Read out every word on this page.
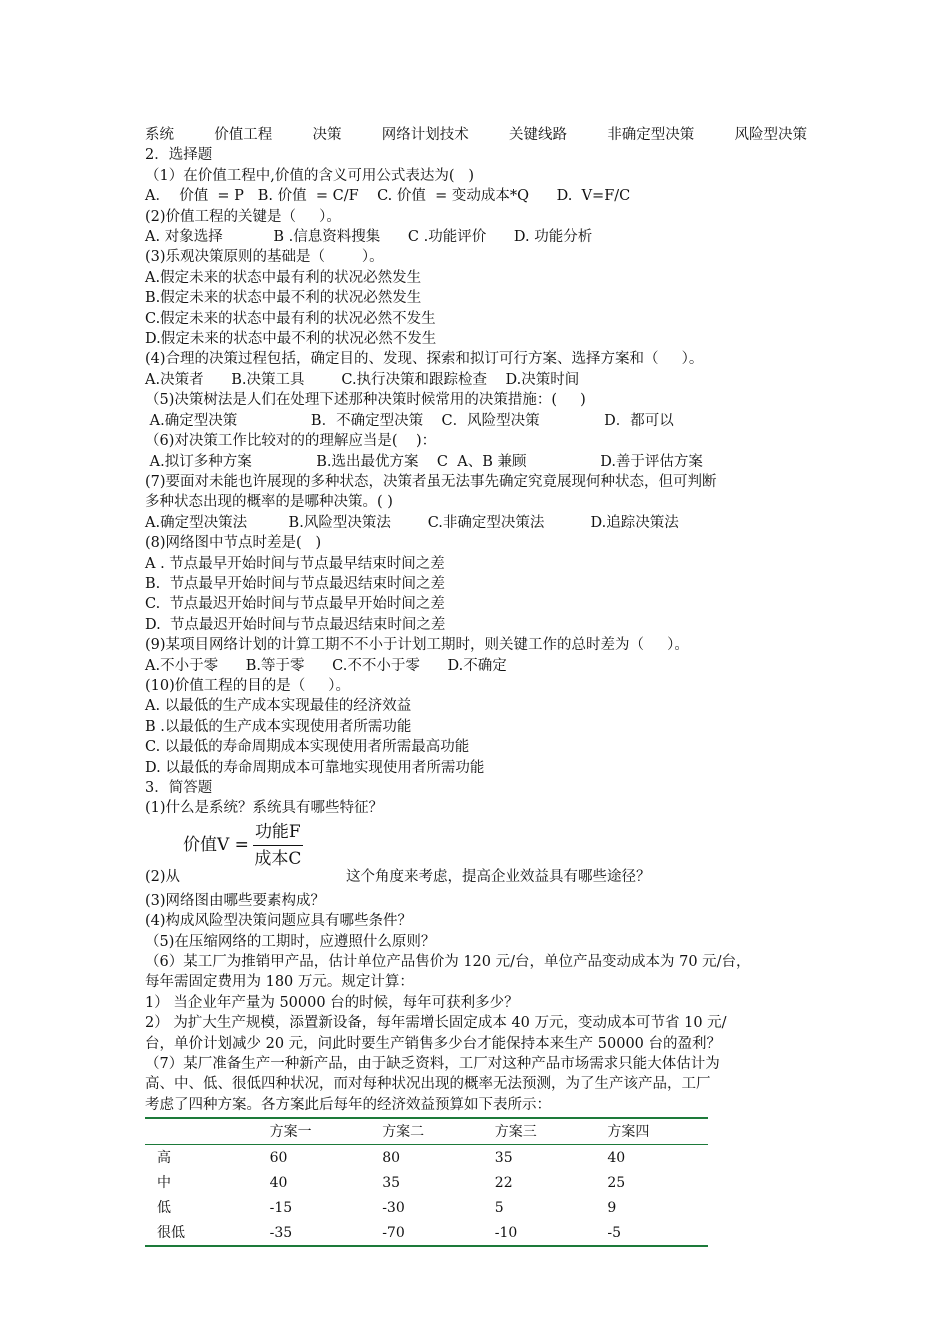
系统	价值工程	决策	网络计划技术	关键线路	非确定型决策	风险型决策
2．选择题
（1）在价值工程中,价值的含义可用公式表达为(   )
A．  价值  = P   B. 价值  = C/F    C. 价值  = 变动成本*Q      D.  V=F/C
(2)价值工程的关键是（     ）。
A. 对象选择           B .信息资料搜集      C .功能评价      D. 功能分析
(3)乐观决策原则的基础是（        ）。
A.假定未来的状态中最有利的状况必然发生
B.假定未来的状态中最不利的状况必然发生
C.假定未来的状态中最有利的状况必然不发生
D.假定未来的状态中最不利的状况必然不发生
(4)合理的决策过程包括，确定目的、发现、探索和拟订可行方案、选择方案和（     ）。
A.决策者      B.决策工具        C.执行决策和跟踪检查    D.决策时间
（5)决策树法是人们在处理下述那种决策时候常用的决策措施：(     )
A.确定型决策                B．不确定型决策    C．风险型决策              D．都可以
（6)对决策工作比较对的的理解应当是(    )：
A.拟订多种方案              B.选出最优方案    C  A、B 兼顾                D.善于评估方案
(7)要面对未能也许展现的多种状态，决策者虽无法事先确定究竟展现何种状态，但可判断
多种状态出现的概率的是哪种决策。( )
A.确定型决策法         B.风险型决策法        C.非确定型决策法          D.追踪决策法
(8)网络图中节点时差是(   )
A . 节点最早开始时间与节点最早结束时间之差
B.  节点最早开始时间与节点最迟结束时间之差
C.  节点最迟开始时间与节点最早开始时间之差
D.  节点最迟开始时间与节点最迟结束时间之差
(9)某项目网络计划的计算工期不不小于计划工期时，则关键工作的总时差为（     ）。
A.不小于零      B.等于零      C.不不小于零      D.不确定
(10)价值工程的目的是（     ）。
A. 以最低的生产成本实现最佳的经济效益
B .以最低的生产成本实现使用者所需功能
C. 以最低的寿命周期成本实现使用者所需最高功能
D. 以最低的寿命周期成本可靠地实现使用者所需功能
3．简答题
(1)什么是系统？系统具有哪些特征？
价值$V = \frac{\text{功能F}}{\text{成本C}}$
(2)从	这个角度来考虑，提高企业效益具有哪些途径？
(3)网络图由哪些要素构成？
(4)构成风险型决策问题应具有哪些条件？
（5)在压缩网络的工期时，应遵照什么原则？
（6）某工厂为推销甲产品，估计单位产品售价为 120 元/台，单位产品变动成本为 70 元/台，
每年需固定费用为 180 万元。规定计算：
1） 当企业年产量为 50000 台的时候，每年可获利多少？
2） 为扩大生产规模，添置新设备，每年需增长固定成本 40 万元，变动成本可节省 10 元/
台，单价计划减少 20 元，问此时要生产销售多少台才能保持本来生产 50000 台的盈利？
（7）某厂准备生产一种新产品，由于缺乏资料，工厂对这种产品市场需求只能大体估计为
高、中、低、很低四种状况，而对每种状况出现的概率无法预测，为了生产该产品，工厂
考虑了四种方案。各方案此后每年的经济效益预算如下表所示：
	方案一	方案二	方案三	方案四
高	60	80	35	40
中	40	35	22	25
低	-15	-30	5	9
很低	-35	-70	-10	-5
